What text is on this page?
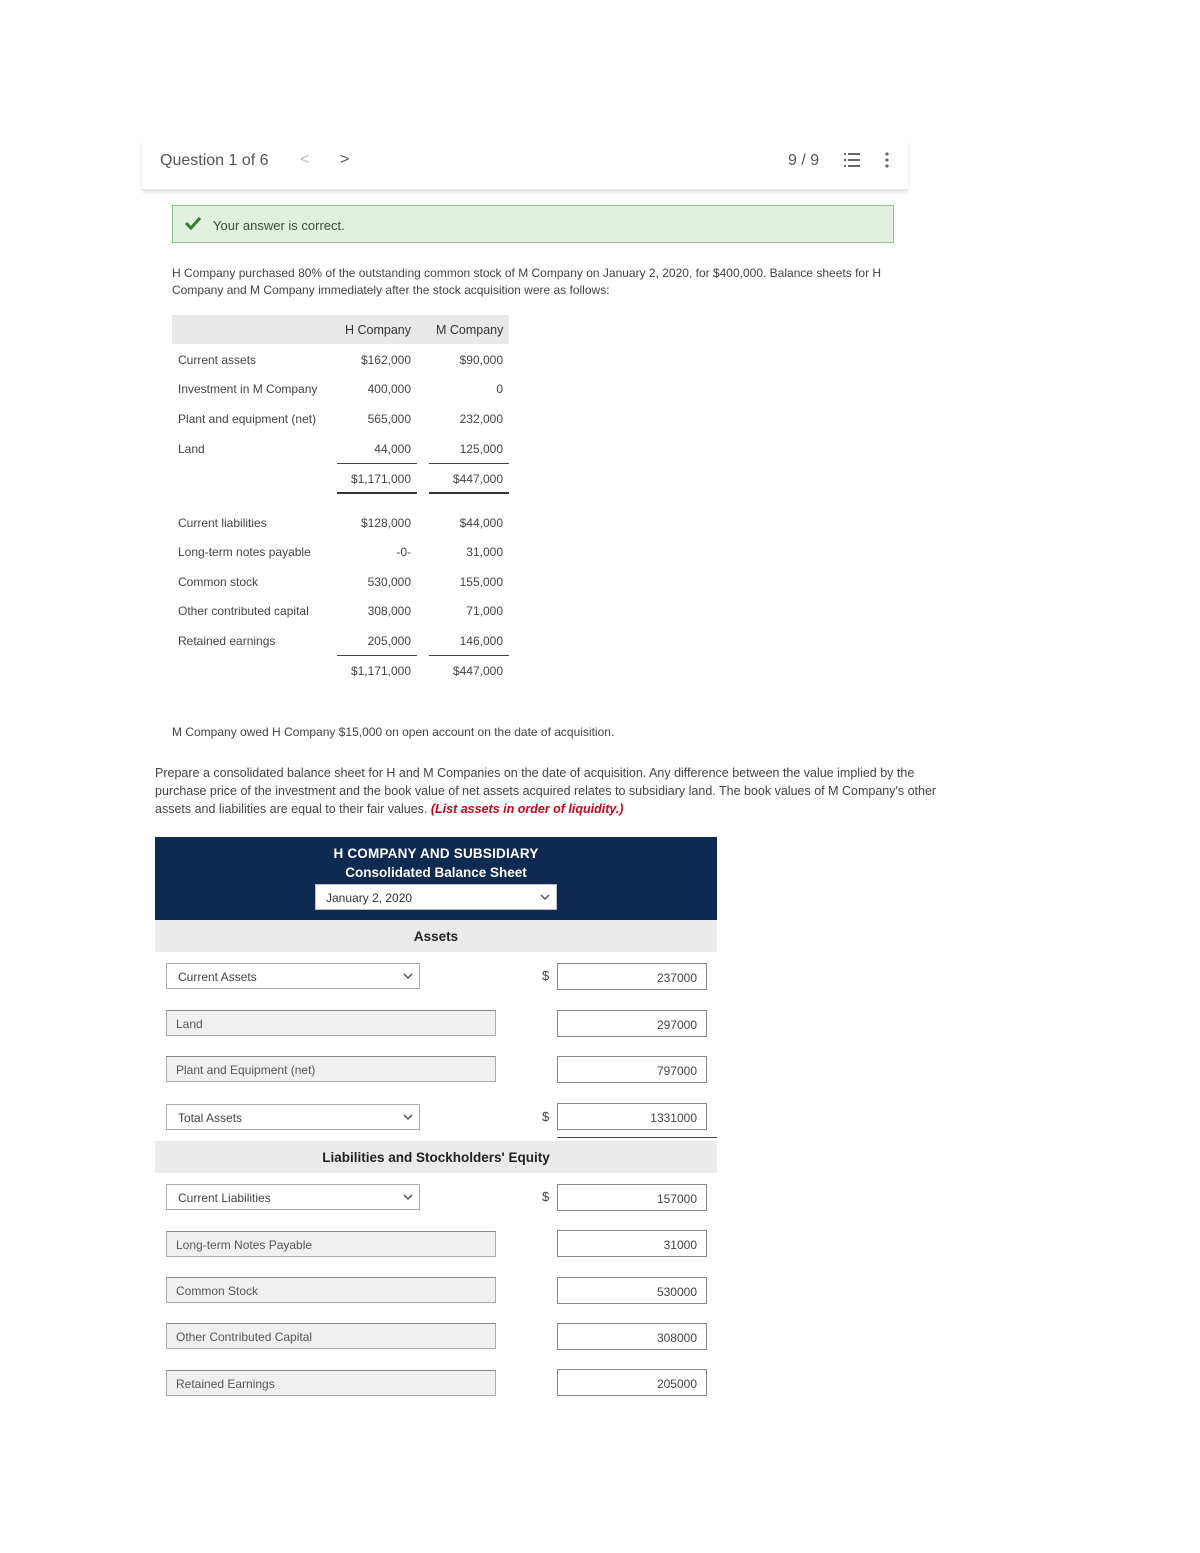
Question 1 of 6 < >	9 / 9
Your answer is correct.
H Company purchased 80% of the outstanding common stock of M Company on January 2, 2020, for $400,000. Balance sheets for H Company and M Company immediately after the stock acquisition were as follows:
H Company M Company
Current assets	$162,000	$90,000
Investment in M Company	400,000	0
Plant and equipment (net)	565,000	232,000
Land	44,000	125,000
$1,171,000	$447,000
Current liabilities	$128,000	$44,000
Long-term notes payable	-0-	31,000
Common stock	530,000	155,000
Other contributed capital	308,000	71,000
Retained earnings	205,000	146,000
$1,171,000	$447,000
M Company owed H Company $15,000 on open account on the date of acquisition.
Prepare a consolidated balance sheet for H and M Companies on the date of acquisition. Any difference between the value implied by the purchase price of the investment and the book value of net assets acquired relates to subsidiary land. The book values of M Company's other assets and liabilities are equal to their fair values. (List assets in order of liquidity.)
H COMPANY AND SUBSIDIARY
Consolidated Balance Sheet
January 2, 2020
Assets
Current Assets	$	237000
Land	297000
Plant and Equipment (net)	797000
Total Assets	$	1331000
Liabilities and Stockholders' Equity
Current Liabilities	$	157000
Long-term Notes Payable	31000
Common Stock	530000
Other Contributed Capital	308000
Retained Earnings	205000
